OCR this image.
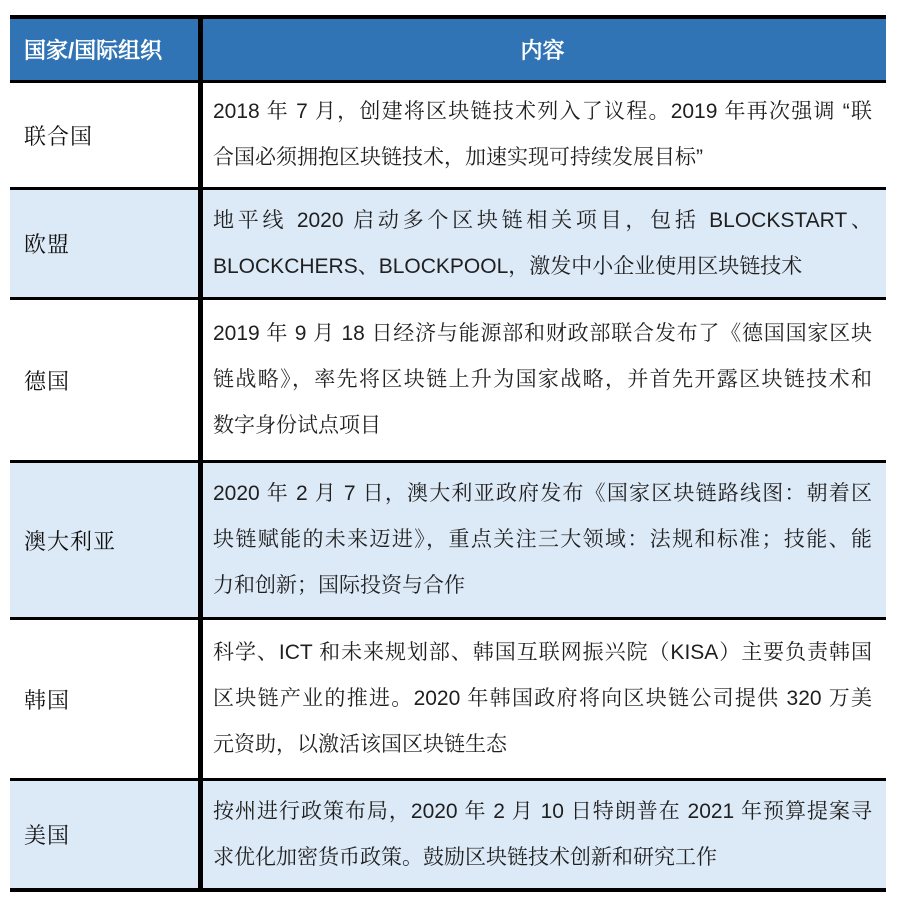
国家/国际组织	内容
联合国
2018 年 7 月，创建将区块链技术列入了议程。2019 年再次强调 “联
合国必须拥抱区块链技术，加速实现可持续发展目标”
欧盟
地平线 2020 启动多个区块链相关项目，包括 BLOCKSTART、
BLOCKCHERS、BLOCKPOOL，激发中小企业使用区块链技术
德国
2019 年 9 月 18 日经济与能源部和财政部联合发布了《德国国家区块
链战略》，率先将区块链上升为国家战略，并首先开露区块链技术和
数字身份试点项目
澳大利亚
2020 年 2 月 7 日，澳大利亚政府发布《国家区块链路线图：朝着区
块链赋能的未来迈进》，重点关注三大领域：法规和标准；技能、能
力和创新；国际投资与合作
韩国
科学、ICT 和未来规划部、韩国互联网振兴院（KISA）主要负责韩国
区块链产业的推进。2020 年韩国政府将向区块链公司提供 320 万美
元资助，以激活该国区块链生态
美国
按州进行政策布局，2020 年 2 月 10 日特朗普在 2021 年预算提案寻
求优化加密货币政策。鼓励区块链技术创新和研究工作
